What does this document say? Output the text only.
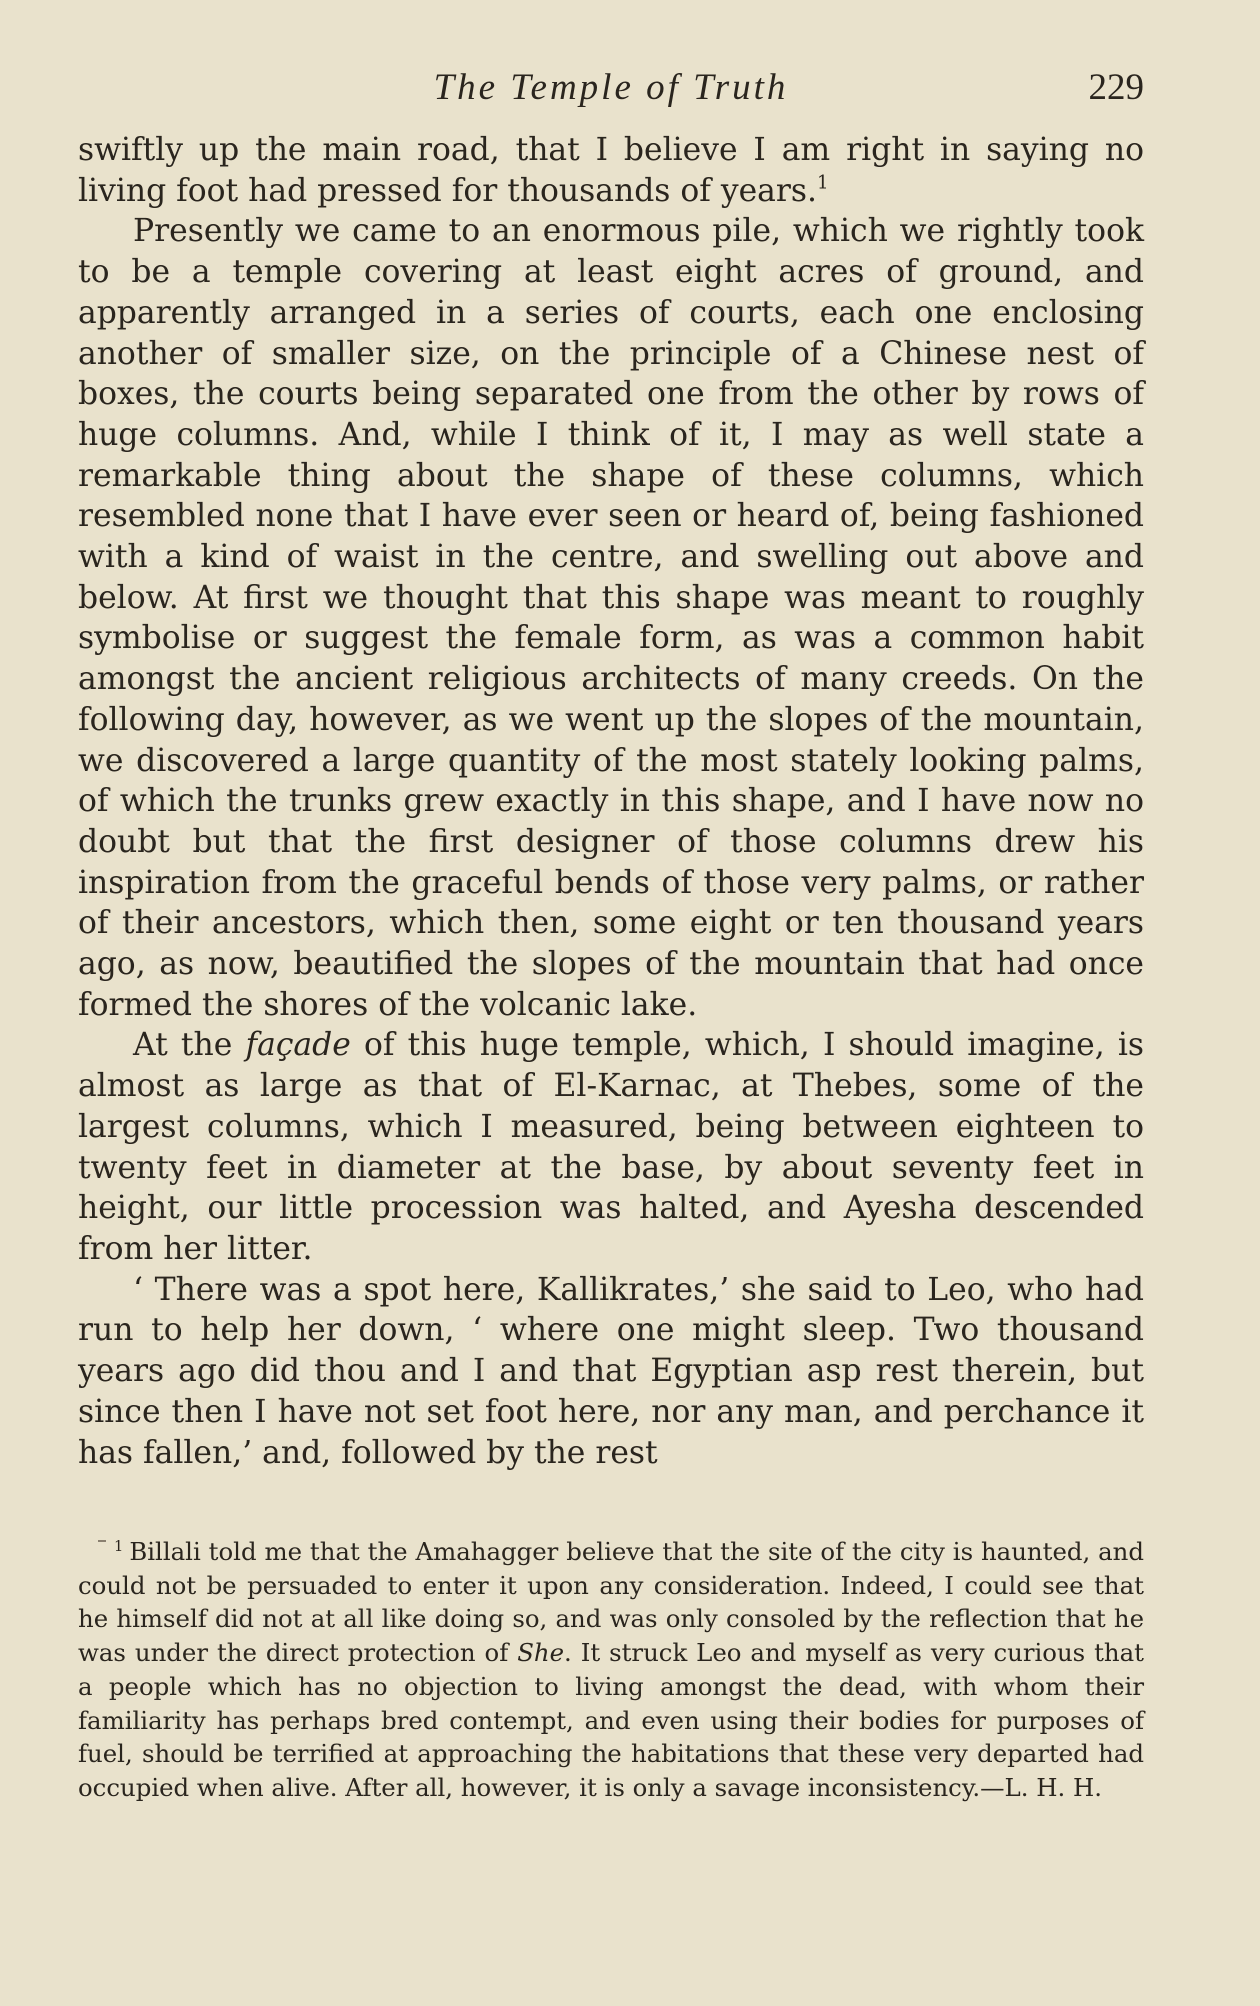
The Temple of Truth	229

swiftly up the main road, that I believe I am right in saying no living foot had pressed for thousands of years.$^1$

Presently we came to an enormous pile, which we rightly took to be a temple covering at least eight acres of ground, and apparently arranged in a series of courts, each one enclosing another of smaller size, on the principle of a Chinese nest of boxes, the courts being separated one from the other by rows of huge columns. And, while I think of it, I may as well state a remarkable thing about the shape of these columns, which resembled none that I have ever seen or heard of, being fashioned with a kind of waist in the centre, and swelling out above and below. At first we thought that this shape was meant to roughly symbolise or suggest the female form, as was a common habit amongst the ancient religious architects of many creeds. On the following day, however, as we went up the slopes of the mountain, we discovered a large quantity of the most stately looking palms, of which the trunks grew exactly in this shape, and I have now no doubt but that the first designer of those columns drew his inspiration from the graceful bends of those very palms, or rather of their ancestors, which then, some eight or ten thousand years ago, as now, beautified the slopes of the mountain that had once formed the shores of the volcanic lake.

At the façade of this huge temple, which, I should imagine, is almost as large as that of El-Karnac, at Thebes, some of the largest columns, which I measured, being between eighteen to twenty feet in diameter at the base, by about seventy feet in height, our little procession was halted, and Ayesha descended from her litter.

‘ There was a spot here, Kallikrates,’ she said to Leo, who had run to help her down, ‘ where one might sleep. Two thousand years ago did thou and I and that Egyptian asp rest therein, but since then I have not set foot here, nor any man, and perchance it has fallen,’ and, followed by the rest

$^1$ Billali told me that the Amahagger believe that the site of the city is haunted, and could not be persuaded to enter it upon any consideration. Indeed, I could see that he himself did not at all like doing so, and was only consoled by the reflection that he was under the direct protection of She. It struck Leo and myself as very curious that a people which has no objection to living amongst the dead, with whom their familiarity has perhaps bred contempt, and even using their bodies for purposes of fuel, should be terrified at approaching the habitations that these very departed had occupied when alive. After all, however, it is only a savage inconsistency.—L. H. H.
